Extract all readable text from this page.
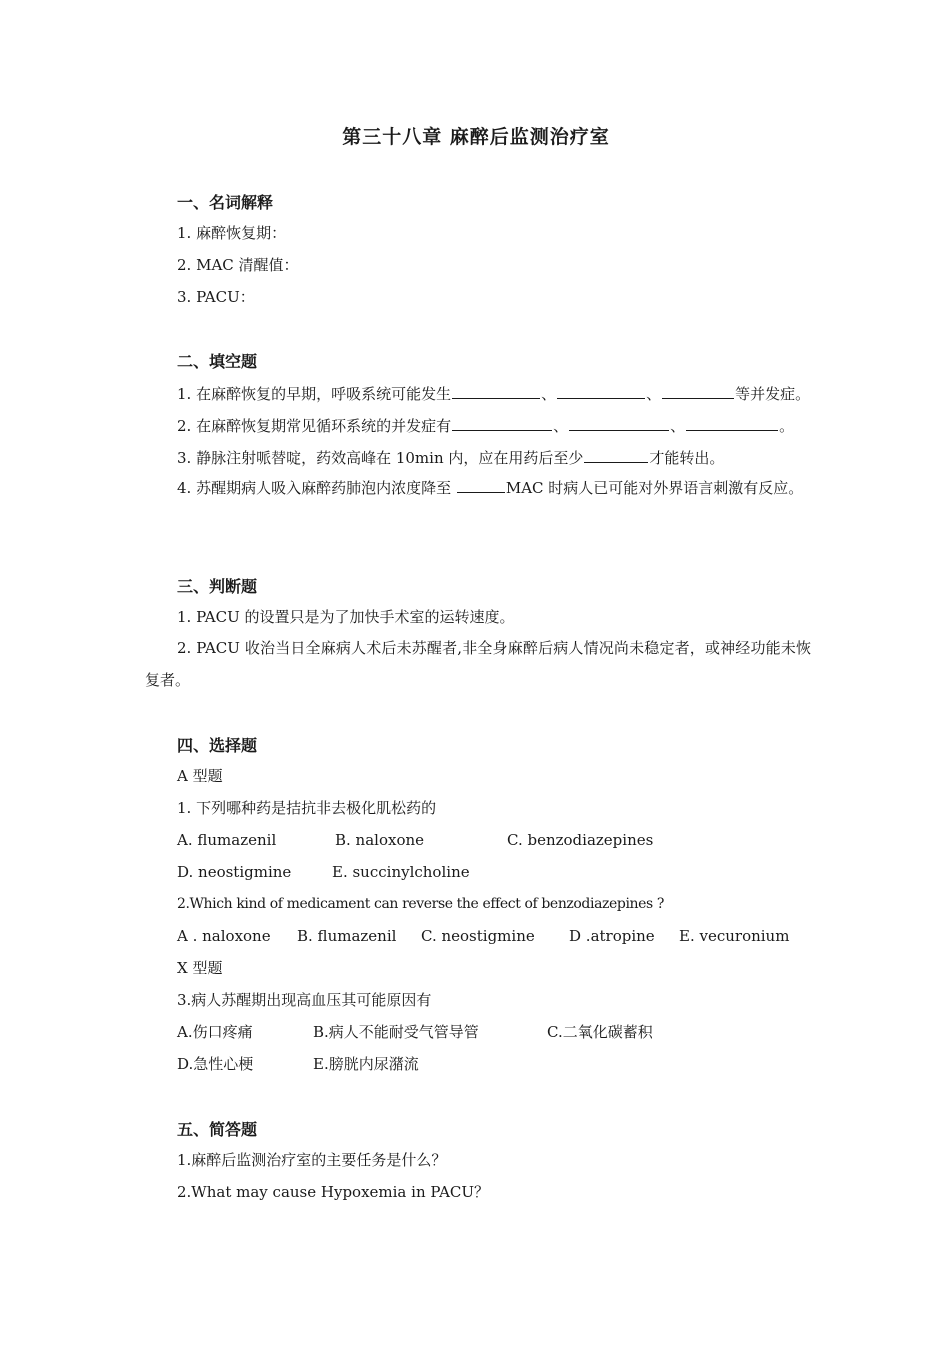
第三十八章 麻醉后监测治疗室
一、名词解释
1. 麻醉恢复期：
2. MAC 清醒值：
3. PACU：
二、填空题
1. 在麻醉恢复的早期，呼吸系统可能发生	、	、	等并发症。
2. 在麻醉恢复期常见循环系统的并发症有	、	、	。
3. 静脉注射哌替啶，药效高峰在 10min 内，应在用药后至少	才能转出。
4. 苏醒期病人吸入麻醉药肺泡内浓度降至	MAC 时病人已可能对外界语言刺激有反应。
三、判断题
1. PACU 的设置只是为了加快手术室的运转速度。
2. PACU 收治当日全麻病人术后未苏醒者,非全身麻醉后病人情况尚未稳定者，或神经功能未恢复者。
四、选择题
A 型题
1. 下列哪种药是拮抗非去极化肌松药的
A. flumazenil	B. naloxone	C. benzodiazepines
D. neostigmine	E. succinylcholine
2.Which kind of medicament can reverse the effect of benzodiazepines ?
A . naloxone B. flumazenil C. neostigmine D .atropine E. vecuronium
X 型题
3.病人苏醒期出现高血压其可能原因有
A.伤口疼痛	B.病人不能耐受气管导管	C.二氧化碳蓄积
D.急性心梗	E.膀胱内尿潴流
五、简答题
1.麻醉后监测治疗室的主要任务是什么？
2.What may cause Hypoxemia in PACU？
